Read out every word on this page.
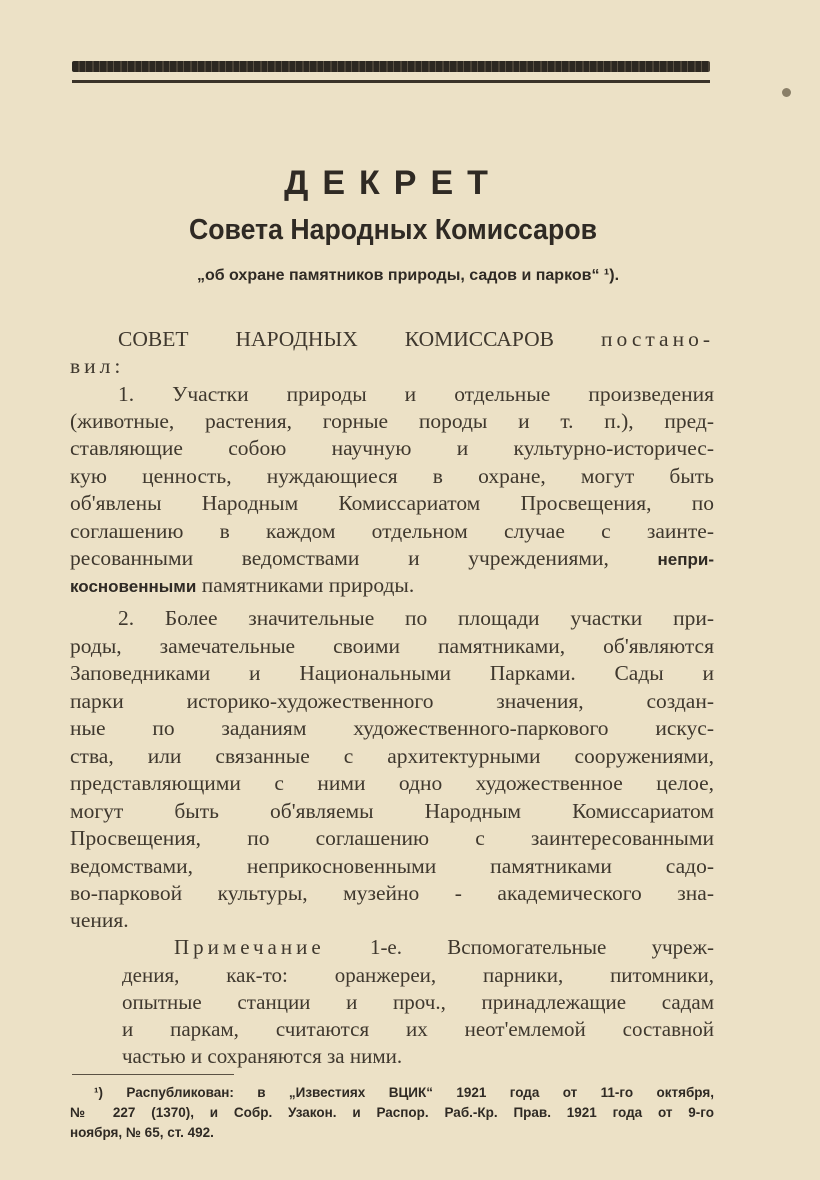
ДЕКРЕТ
Совета Народных Комиссаров
„об охране памятников природы, садов и парков“ ¹).
СОВЕТ НАРОДНЫХ КОМИССАРОВ постано-
вил:
1. Участки природы и отдельные произведения
(животные, растения, горные породы и т. п.), пред-
ставляющие собою научную и культурно-историчес-
кую ценность, нуждающиеся в охране, могут быть
об'явлены Народным Комиссариатом Просвещения, по
соглашению в каждом отдельном случае с заинте-
ресованными ведомствами и учреждениями,	непри-
косновенными памятниками природы.
2. Более значительные по площади участки при-
роды, замечательные своими памятниками, об'являются
Заповедниками и Национальными Парками. Сады и
парки историко-художественного значения, создан-
ные по заданиям художественного-паркового искус-
ства, или связанные с архитектурными сооружениями,
представляющими с ними одно художественное целое,
могут быть об'являемы Народным Комиссариатом
Просвещения, по соглашению с заинтересованными
ведомствами, неприкосновенными памятниками садо-
во-парковой культуры, музейно - академического зна-
чения.
Примечание 1-е. Вспомогательные учреж-
дения, как-то: оранжереи, парники, питомники,
опытные станции и проч., принадлежащие садам
и паркам, считаются их неот'емлемой составной
частью и сохраняются за ними.
¹) Распубликован: в „Известиях ВЦИК“ 1921 года от 11-го октября,
№ 227 (1370), и Собр. Узакон. и Распор. Раб.-Кр. Прав. 1921 года от 9-го
ноября, № 65, ст. 492.
